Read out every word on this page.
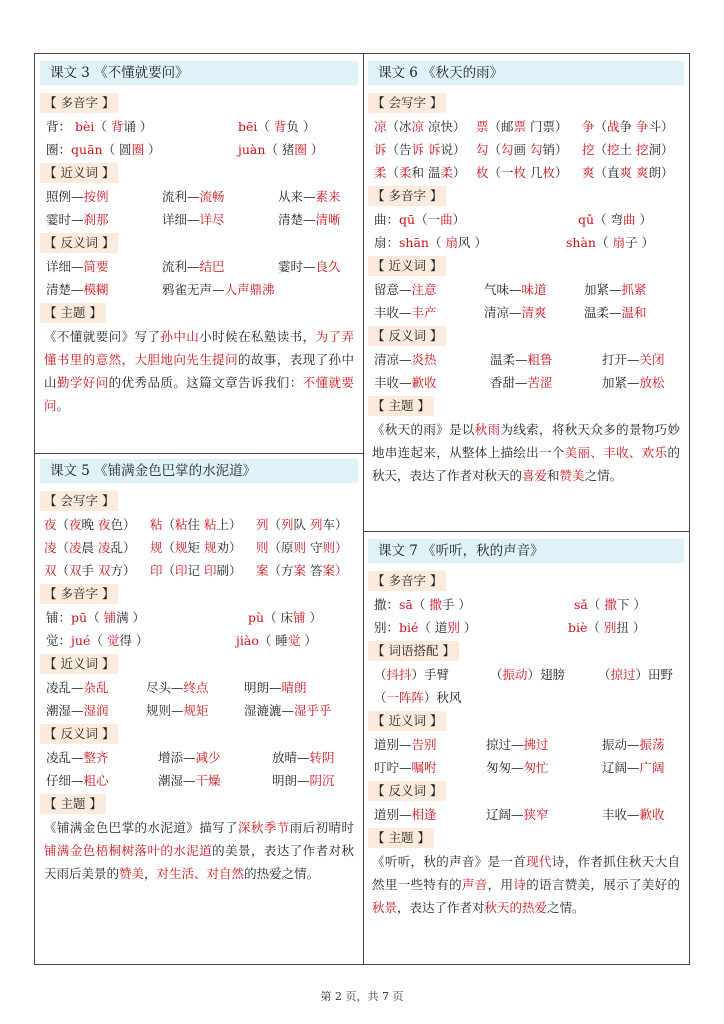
课文 3 《不懂就要问》
【 多音字 】
背： bèi（ 背诵 ）	bēi（ 背负 ）
圈：quān（ 圆圈 ）	juàn（ 猪圈 ）
【 近义词 】
照例—按例	流利—流畅	从来—素来
霎时—刹那	详细—详尽	清楚—清晰
【 反义词 】
详细—简要	流利—结巴	霎时—良久
清楚—模糊	鸦雀无声—人声鼎沸
【 主题 】
《不懂就要问》写了孙中山小时候在私塾读书，为了弄懂书里的意然，大胆地向先生提问的故事，表现了孙中山勤学好问的优秀品质。这篇文章告诉我们：不懂就要问。
课文 5 《铺满金色巴掌的水泥道》
【 会写字 】
夜（夜晚 夜色） 粘（粘住 粘上） 列（列队 列车）
凌（凌晨 凌乱） 规（规矩 规劝） 则（原则 守则）
双（双手 双方） 印（印记 印刷） 案（方案 答案）
【 多音字 】
铺：pū（ 铺满 ）	pù（ 床铺 ）
觉：jué（ 觉得 ）	jiào（ 睡觉 ）
【 近义词 】
凌乱—杂乱	尽头—终点	明朗—晴朗
潮湿—湿润	规则—规矩	湿漉漉—湿乎乎
【 反义词 】
凌乱—整齐	增添—减少	放晴—转阴
仔细—粗心	潮湿—干燥	明朗—阴沉
【 主题 】
《铺满金色巴掌的水泥道》描写了深秋季节雨后初晴时铺满金色梧桐树落叶的水泥道的美景，表达了作者对秋天雨后美景的赞美，对生活、对自然的热爱之情。
课文 6 《秋天的雨》
【 会写字 】
凉（冰凉 凉快） 票（邮票 门票） 争（战争 争斗）
诉（告诉 诉说） 勾（勾画 勾销） 挖（挖土 挖洞）
柔（柔和 温柔） 枚（一枚 几枚） 爽（直爽 爽朗）
【 多音字 】
曲：qū（一曲）	qǔ（ 弯曲 ）
扇：shān（ 扇风 ）	shàn（ 扇子 ）
【 近义词 】
留意—注意	气味—味道	加紧—抓紧
丰收—丰产	清凉—清爽	温柔—温和
【 反义词 】
清凉—炎热	温柔—粗鲁	打开—关闭
丰收—歉收	香甜—苦涩	加紧—放松
【 主题 】
《秋天的雨》是以秋雨为线索，将秋天众多的景物巧妙地串连起来，从整体上描绘出一个美丽、丰收、欢乐的秋天，表达了作者对秋天的喜爱和赞美之情。
课文 7 《听听，秋的声音》
【 多音字 】
撒：sā（ 撒手 ）	sǎ（ 撒下 ）
别：bié（ 道别 ）	biè（ 别扭 ）
【 词语搭配 】
（抖抖）手臂	（振动）翅膀	（掠过）田野
（一阵阵）秋风
【 近义词 】
道别—告别	掠过—拂过	振动—振荡
叮咛—嘱咐	匆匆—匆忙	辽阔—广阔
【 反义词 】
道别—相逢	辽阔—狭窄	丰收—歉收
【 主题 】
《听听，秋的声音》是一首现代诗，作者抓住秋天大自然里一些特有的声音，用诗的语言赞美，展示了美好的秋景，表达了作者对秋天的热爱之情。
第 2 页，共 7 页
